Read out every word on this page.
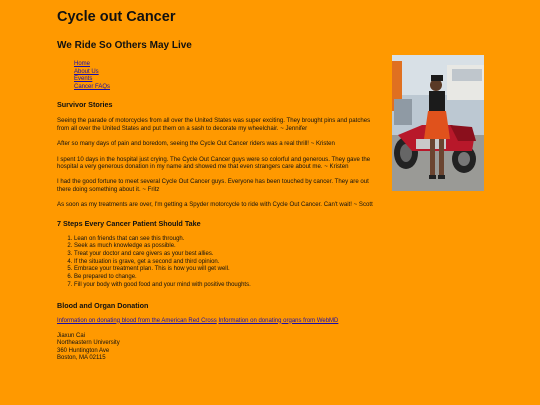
Cycle out Cancer
We Ride So Others May Live
Home
About Us
Events
Cancer FAQs
Survivor Stories

Seeing the parade of motorcycles from all over the United States was super exciting. They brought pins and patches from all over the United States and put them on a sash to decorate my wheelchair. ~ Jennifer

After so many days of pain and boredom, seeing the Cycle Out Cancer riders was a real thrill! ~ Kristen

I spent 10 days in the hospital just crying. The Cycle Out Cancer guys were so colorful and generous. They gave the hospital a very generous donation in my name and showed me that even strangers care about me. ~ Kristen

I had the good fortune to meet several Cycle Out Cancer guys. Everyone has been touched by cancer. They are out there doing something about it. ~ Fritz

As soon as my treatments are over, I'm getting a Spyder motorcycle to ride with Cycle Out Cancer. Can't wait! ~ Scott

7 Steps Every Cancer Patient Should Take
1. Lean on friends that can see this through.
2. Seek as much knowledge as possible.
3. Treat your doctor and care givers as your best allies.
4. If the situation is grave, get a second and third opinion.
5. Embrace your treatment plan. This is how you will get well.
6. Be prepared to change.
7. Fill your body with good food and your mind with positive thoughts.
Blood and Organ Donation
Information on donating blood from the American Red Cross Information on donating organs from WebMD
Jiaxun Cai
Northeastern University
360 Huntington Ave
Boston, MA 02115
